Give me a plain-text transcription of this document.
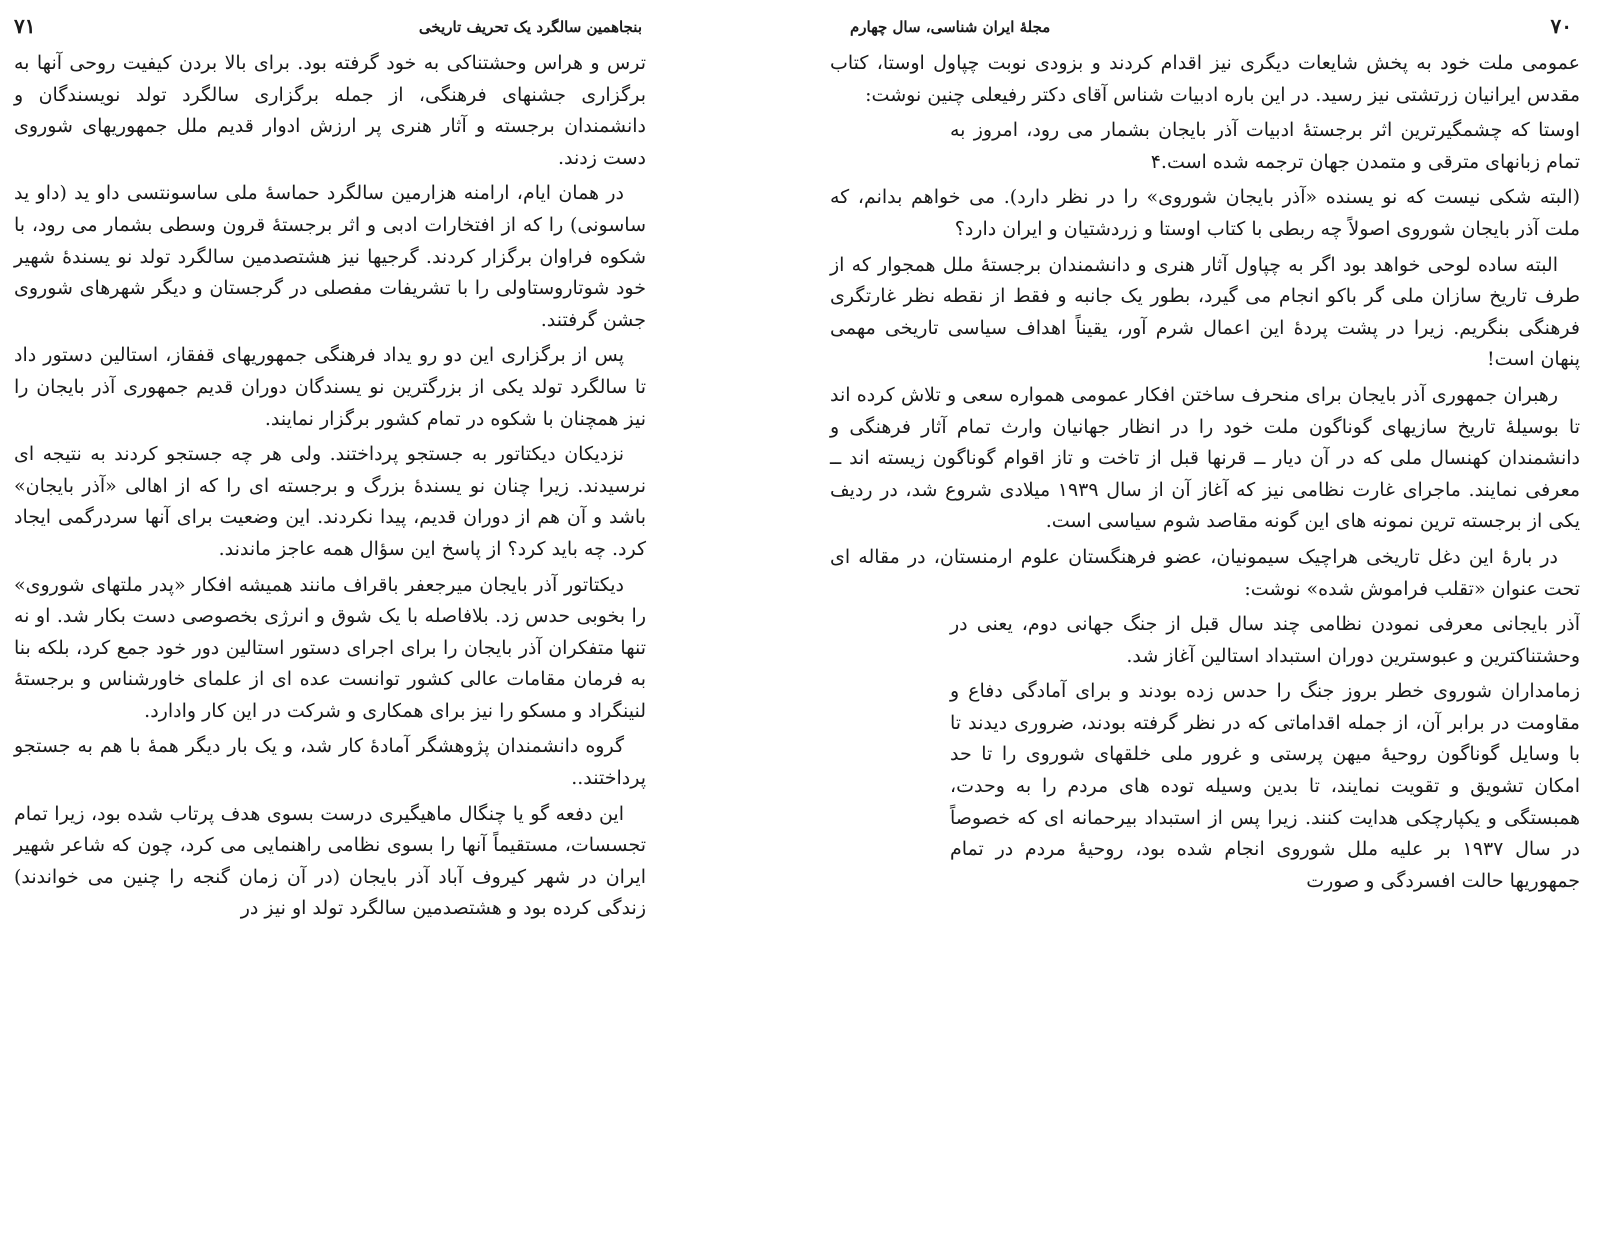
۷۱	بنجاهمین سالگرد یک تحریف تاریخی

ترس و هراس وحشتناکی به خود گرفته بود. برای بالا بردن کیفیت روحی آنها به برگزاری جشنهای فرهنگی، از جمله برگزاری سالگرد تولد نویسندگان و دانشمندان برجسته و آثار هنری پر ارزش ادوار قدیم ملل جمهوریهای شوروی دست زدند.

در همان ایام، ارامنه هزارمین سالگرد حماسهٔ ملی ساسونتسی داو ید (داو ید ساسونی) را که از افتخارات ادبی و اثر برجستهٔ قرون وسطی بشمار می رود، با شکوه فراوان برگزار کردند. گرجیها نیز هشتصدمین سالگرد تولد نو یسندهٔ شهیر خود شوتاروستاولی را با تشریفات مفصلی در گرجستان و دیگر شهرهای شوروی جشن گرفتند.

پس از برگزاری این دو رو یداد فرهنگی جمهوریهای قفقاز، استالین دستور داد تا سالگرد تولد یکی از بزرگترین نو یسندگان دوران قدیم جمهوری آذر بایجان را نیز همچنان با شکوه در تمام کشور برگزار نمایند.

نزدیکان دیکتاتور به جستجو پرداختند. ولی هر چه جستجو کردند به نتیجه ای نرسیدند. زیرا چنان نو یسندهٔ بزرگ و برجسته ای را که از اهالی «آذر بایجان» باشد و آن هم از دوران قدیم، پیدا نکردند. این وضعیت برای آنها سردرگمی ایجاد کرد. چه باید کرد؟ از پاسخ این سؤال همه عاجز ماندند.

دیکتاتور آذر بایجان میرجعفر باقراف مانند همیشه افکار «پدر ملتهای شوروی» را بخوبی حدس زد. بلافاصله با یک شوق و انرژی بخصوصی دست بکار شد. او نه تنها متفکران آذر بایجان را برای اجرای دستور استالین دور خود جمع کرد، بلکه بنا به فرمان مقامات عالی کشور توانست عده ای از علمای خاورشناس و برجستهٔ لنینگراد و مسکو را نیز برای همکاری و شرکت در این کار وادارد.

گروه دانشمندان پژوهشگر آمادهٔ کار شد، و یک بار دیگر همهٔ با هم به جستجو پرداختند..

این دفعه گو یا چنگال ماهیگیری درست بسوی هدف پرتاب شده بود، زیرا تمام تجسسات، مستقیماً آنها را بسوی نظامی راهنمایی می کرد، چون که شاعر شهیر ایران در شهر کیروف آباد آذر بایجان (در آن زمان گنجه را چنین می خواندند) زندگی کرده بود و هشتصدمین سالگرد تولد او نیز در

مجلهٔ ایران شناسی، سال چهارم	۷۰

عمومی ملت خود به پخش شایعات دیگری نیز اقدام کردند و بزودی نوبت چپاول اوستا، کتاب مقدس ایرانیان زرتشتی نیز رسید. در این باره ادبیات شناس آقای دکتر رفیعلی چنین نوشت:

اوستا که چشمگیرترین اثر برجستهٔ ادبیات آذر بایجان بشمار می رود، امروز به تمام زبانهای مترقی و متمدن جهان ترجمه شده است.۴

(البته شکی نیست که نو یسنده «آذر بایجان شوروی» را در نظر دارد). می خواهم بدانم، که ملت آذر بایجان شوروی اصولاً چه ربطی با کتاب اوستا و زردشتیان و ایران دارد؟

البته ساده لوحی خواهد بود اگر به چپاول آثار هنری و دانشمندان برجستهٔ ملل همجوار که از طرف تاریخ سازان ملی گر باکو انجام می گیرد، بطور یک جانبه و فقط از نقطه نظر غارتگری فرهنگی بنگریم. زیرا در پشت پردهٔ این اعمال شرم آور، یقیناً اهداف سیاسی تاریخی مهمی پنهان است!

رهبران جمهوری آذر بایجان برای منحرف ساختن افکار عمومی همواره سعی و تلاش کرده اند تا بوسیلهٔ تاریخ سازیهای گوناگون ملت خود را در انظار جهانیان وارث تمام آثار فرهنگی و دانشمندان کهنسال ملی که در آن دیار ــ قرنها قبل از تاخت و تاز اقوام گوناگون زیسته اند ــ معرفی نمایند. ماجرای غارت نظامی نیز که آغاز آن از سال ۱۹۳۹ میلادی شروع شد، در ردیف یکی از برجسته ترین نمونه های این گونه مقاصد شوم سیاسی است.

در بارهٔ این دغل تاریخی هراچیک سیمونیان، عضو فرهنگستان علوم ارمنستان، در مقاله ای تحت عنوان «تقلب فراموش شده» نوشت:

آذر بایجانی معرفی نمودن نظامی چند سال قبل از جنگ جهانی دوم، یعنی در وحشتناکترین و عبوسترین دوران استبداد استالین آغاز شد.

زمامداران شوروی خطر بروز جنگ را حدس زده بودند و برای آمادگی دفاع و مقاومت در برابر آن، از جمله اقداماتی که در نظر گرفته بودند، ضروری دیدند تا با وسایل گوناگون روحیهٔ میهن پرستی و غرور ملی خلقهای شوروی را تا حد امکان تشویق و تقویت نمایند، تا بدین وسیله توده های مردم را به وحدت، همبستگی و یکپارچکی هدایت کنند. زیرا پس از استبداد بیرحمانه ای که خصوصاً در سال ۱۹۳۷ بر علیه ملل شوروی انجام شده بود، روحیهٔ مردم در تمام جمهوریها حالت افسردگی و صورت
